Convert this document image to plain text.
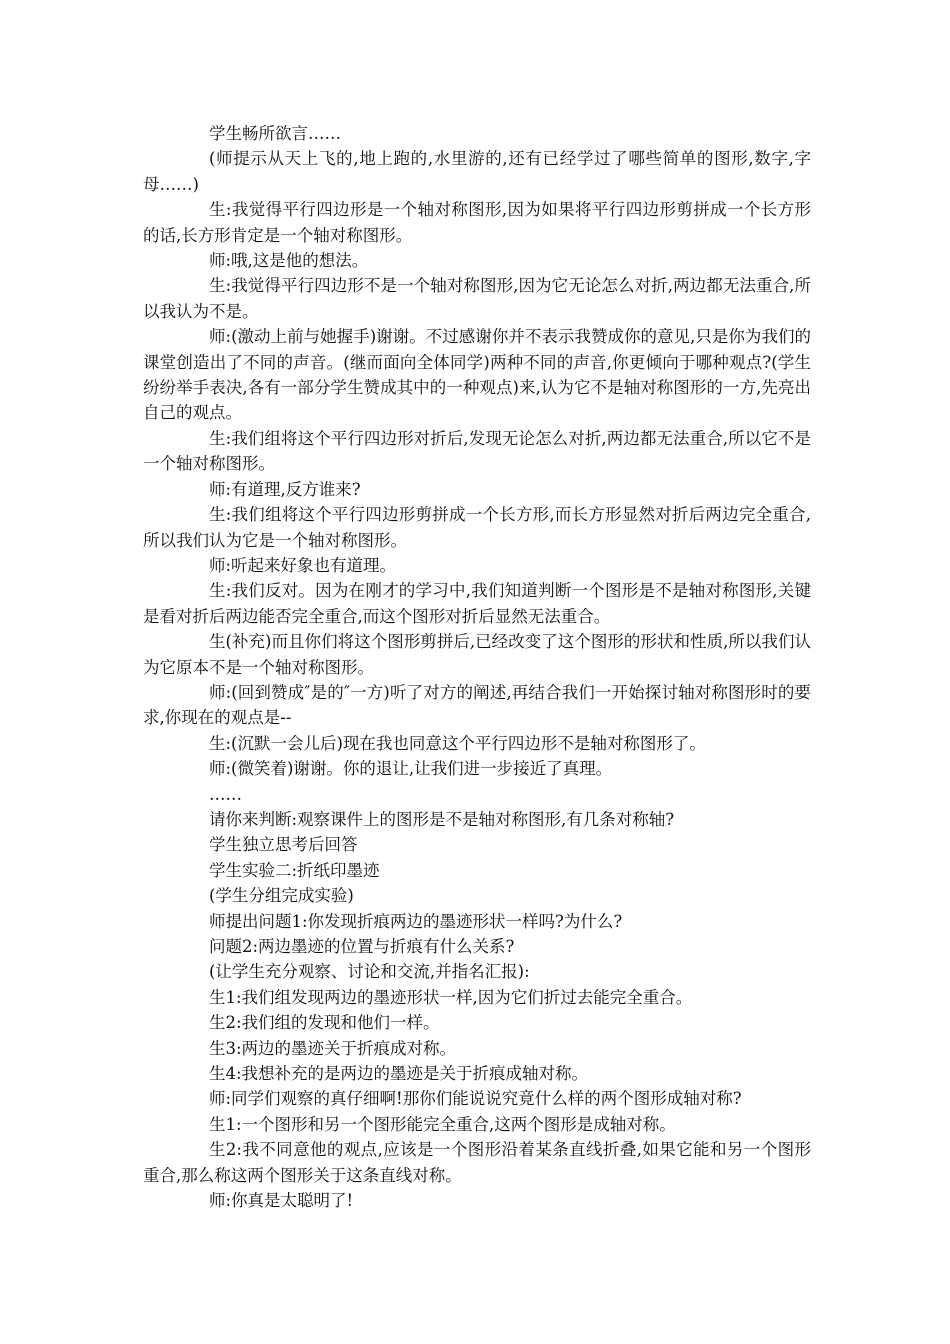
学生畅所欲言……

(师提示从天上飞的,地上跑的,水里游的,还有已经学过了哪些简单的图形,数字,字母……)

生:我觉得平行四边形是一个轴对称图形,因为如果将平行四边形剪拼成一个长方形的话,长方形肯定是一个轴对称图形。

师:哦,这是他的想法。

生:我觉得平行四边形不是一个轴对称图形,因为它无论怎么对折,两边都无法重合,所以我认为不是。

师:(激动上前与她握手)谢谢。不过感谢你并不表示我赞成你的意见,只是你为我们的课堂创造出了不同的声音。(继而面向全体同学)两种不同的声音,你更倾向于哪种观点?(学生纷纷举手表决,各有一部分学生赞成其中的一种观点)来,认为它不是轴对称图形的一方,先亮出自己的观点。

生:我们组将这个平行四边形对折后,发现无论怎么对折,两边都无法重合,所以它不是一个轴对称图形。

师:有道理,反方谁来?

生:我们组将这个平行四边形剪拼成一个长方形,而长方形显然对折后两边完全重合,所以我们认为它是一个轴对称图形。

师:听起来好象也有道理。

生:我们反对。因为在刚才的学习中,我们知道判断一个图形是不是轴对称图形,关键是看对折后两边能否完全重合,而这个图形对折后显然无法重合。

生(补充)而且你们将这个图形剪拼后,已经改变了这个图形的形状和性质,所以我们认为它原本不是一个轴对称图形。

师:(回到赞成″是的″一方)听了对方的阐述,再结合我们一开始探讨轴对称图形时的要求,你现在的观点是--

生:(沉默一会儿后)现在我也同意这个平行四边形不是轴对称图形了。

师:(微笑着)谢谢。你的退让,让我们进一步接近了真理。

……

请你来判断:观察课件上的图形是不是轴对称图形,有几条对称轴?

学生独立思考后回答

学生实验二:折纸印墨迹

(学生分组完成实验)

师提出问题1:你发现折痕两边的墨迹形状一样吗?为什么?

问题2:两边墨迹的位置与折痕有什么关系?

(让学生充分观察、讨论和交流,并指名汇报):

生1:我们组发现两边的墨迹形状一样,因为它们折过去能完全重合。

生2:我们组的发现和他们一样。

生3:两边的墨迹关于折痕成对称。

生4:我想补充的是两边的墨迹是关于折痕成轴对称。

师:同学们观察的真仔细啊!那你们能说说究竟什么样的两个图形成轴对称?

生1:一个图形和另一个图形能完全重合,这两个图形是成轴对称。

生2:我不同意他的观点,应该是一个图形沿着某条直线折叠,如果它能和另一个图形重合,那么称这两个图形关于这条直线对称。

师:你真是太聪明了!
